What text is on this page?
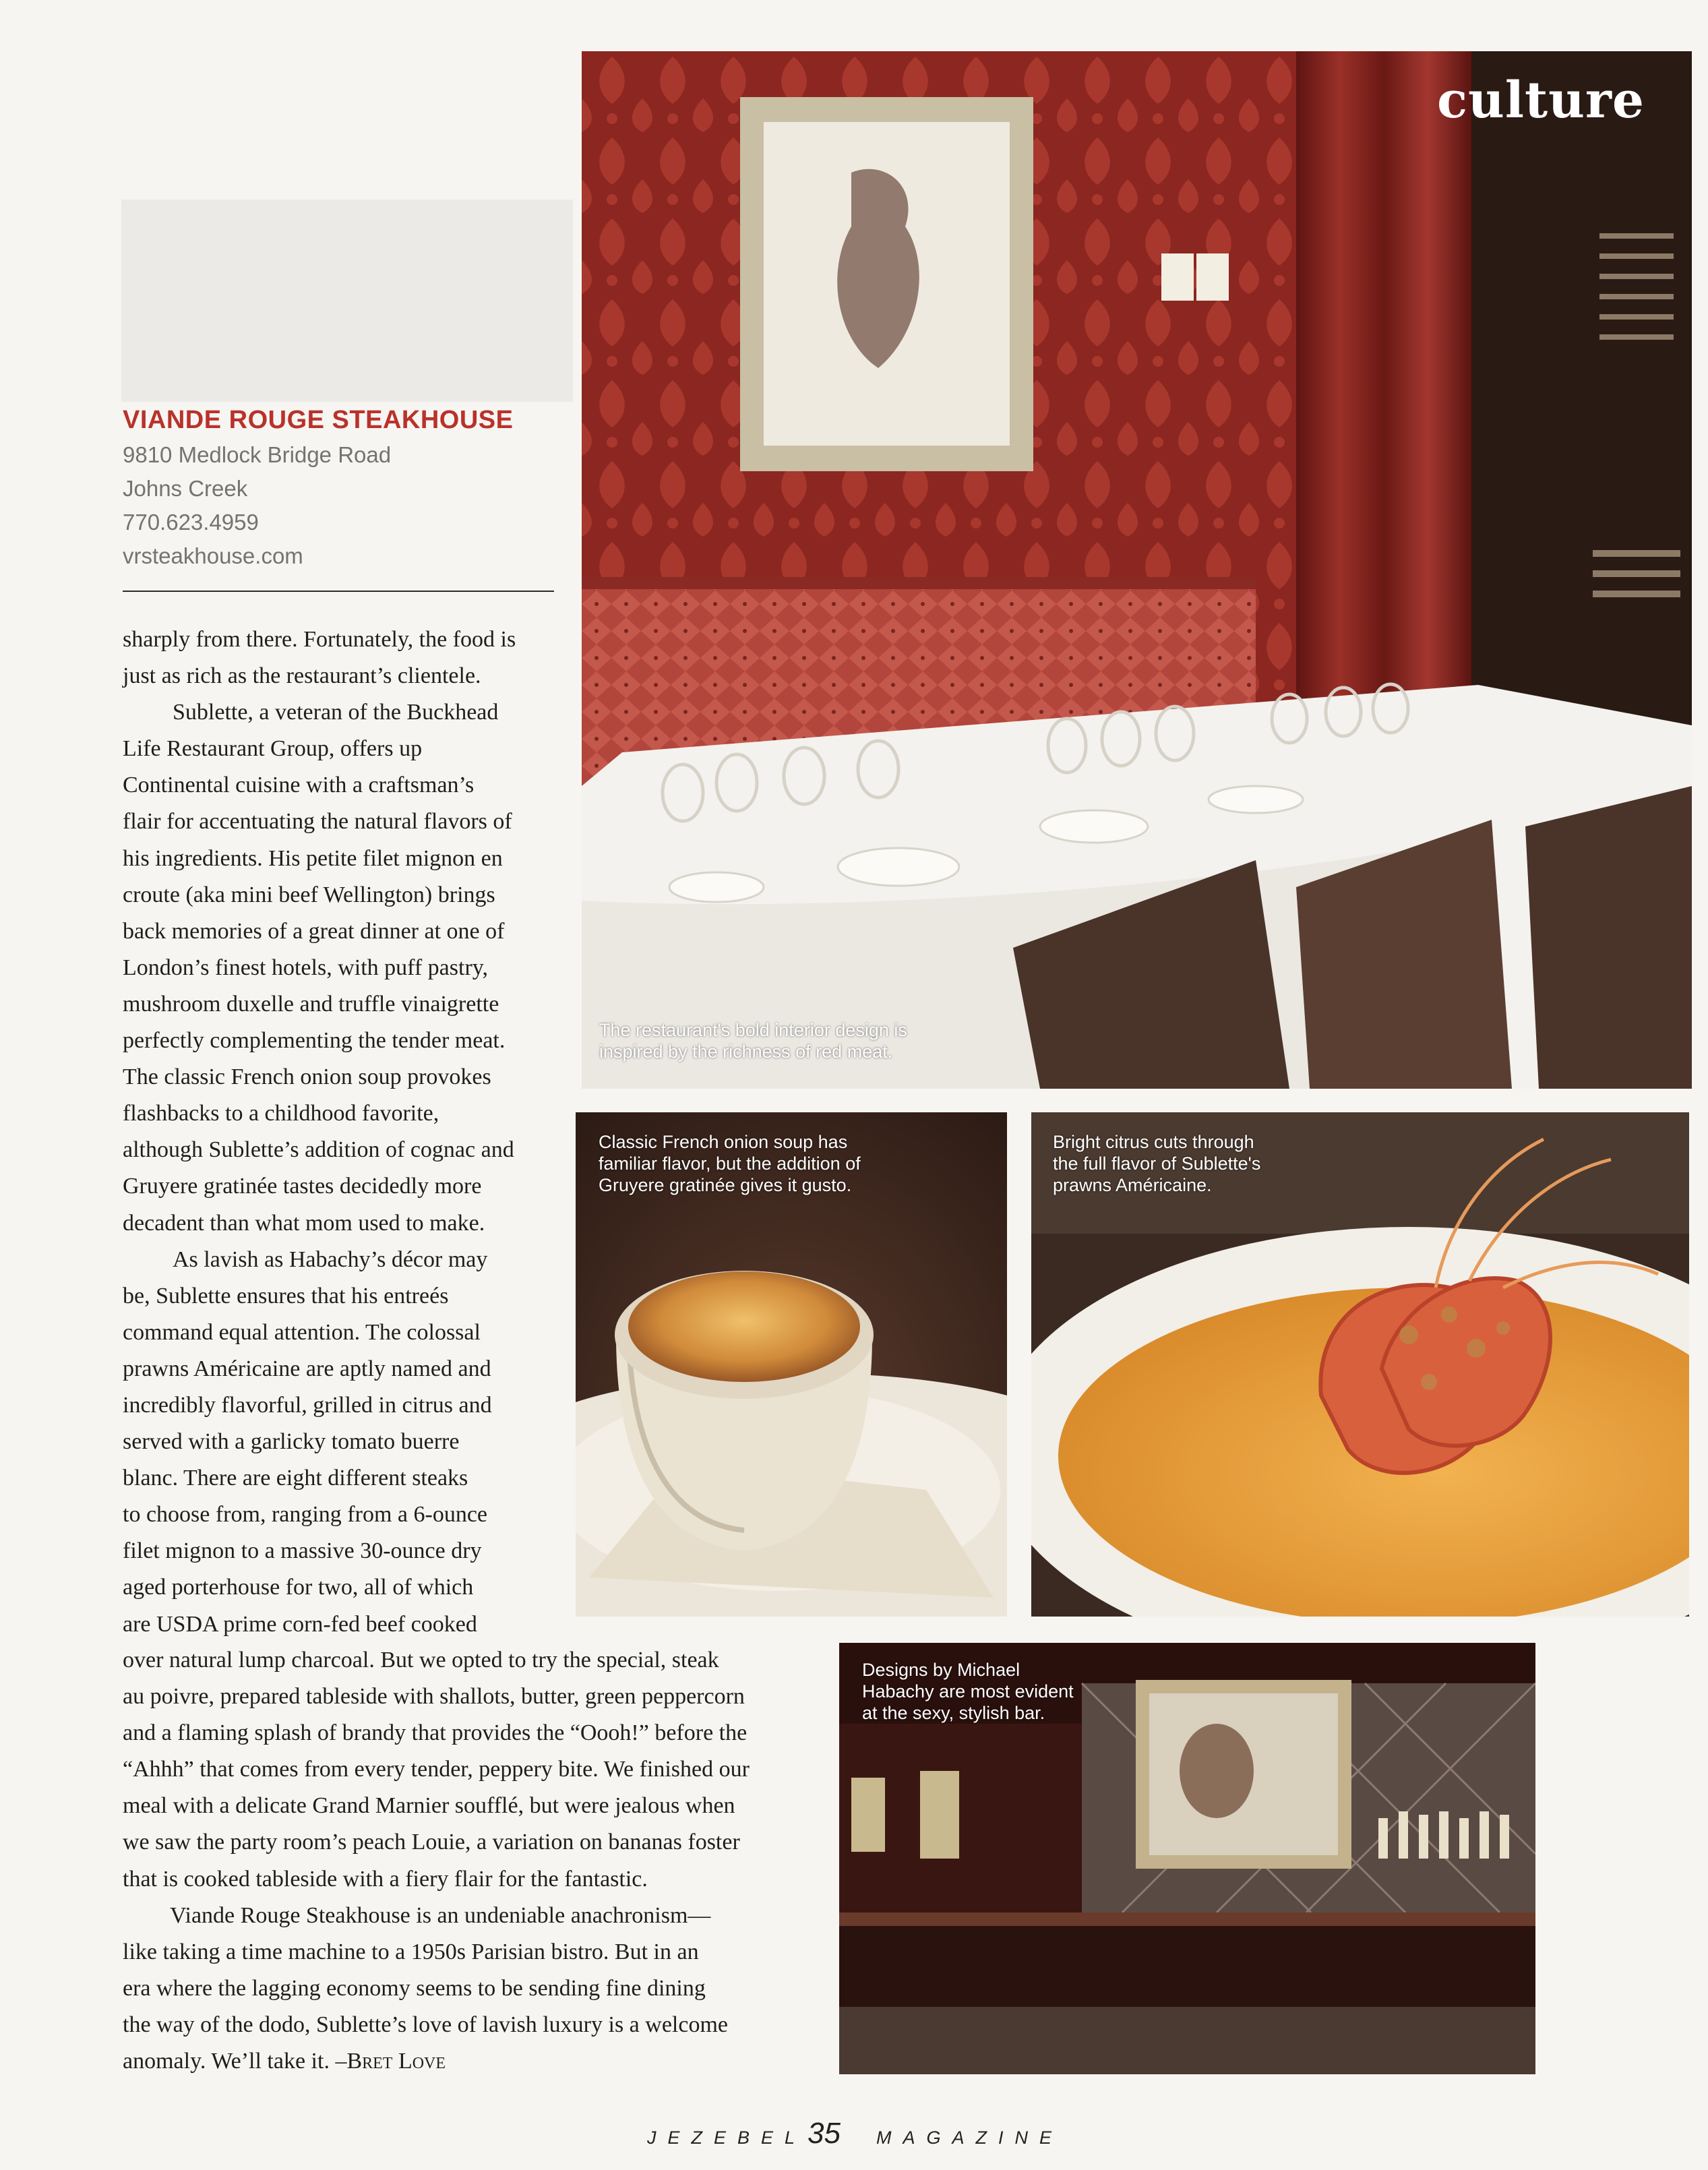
culture
The restaurant's bold interior design is
inspired by the richness of red meat.
Classic French onion soup has
familiar flavor, but the addition of
Gruyere gratinée gives it gusto.
Bright citrus cuts through
the full flavor of Sublette's
prawns Américaine.
Designs by Michael
Habachy are most evident
at the sexy, stylish bar.
VIANDE ROUGE STEAKHOUSE
9810 Medlock Bridge Road
Johns Creek
770.623.4959
vrsteakhouse.com
sharply from there. Fortunately, the food is
just as rich as the restaurant’s clientele.
Sublette, a veteran of the Buckhead
Life Restaurant Group, offers up
Continental cuisine with a craftsman’s
flair for accentuating the natural flavors of
his ingredients. His petite filet mignon en
croute (aka mini beef Wellington) brings
back memories of a great dinner at one of
London’s finest hotels, with puff pastry,
mushroom duxelle and truffle vinaigrette
perfectly complementing the tender meat.
The classic French onion soup provokes
flashbacks to a childhood favorite,
although Sublette’s addition of cognac and
Gruyere gratinée tastes decidedly more
decadent than what mom used to make.
As lavish as Habachy’s décor may
be, Sublette ensures that his entreés
command equal attention. The colossal
prawns Américaine are aptly named and
incredibly flavorful, grilled in citrus and
served with a garlicky tomato buerre
blanc. There are eight different steaks
to choose from, ranging from a 6-ounce
filet mignon to a massive 30-ounce dry
aged porterhouse for two, all of which
are USDA prime corn-fed beef cooked
over natural lump charcoal. But we opted to try the special, steak
au poivre, prepared tableside with shallots, butter, green peppercorn
and a flaming splash of brandy that provides the “Oooh!” before the
“Ahhh” that comes from every tender, peppery bite. We finished our
meal with a delicate Grand Marnier soufflé, but were jealous when
we saw the party room’s peach Louie, a variation on bananas foster
that is cooked tableside with a fiery flair for the fantastic.
Viande Rouge Steakhouse is an undeniable anachronism—
like taking a time machine to a 1950s Parisian bistro. But in an
era where the lagging economy seems to be sending fine dining
the way of the dodo, Sublette’s love of lavish luxury is a welcome
anomaly. We’ll take it. –Bret Love
JEZEBEL 35 MAGAZINE
